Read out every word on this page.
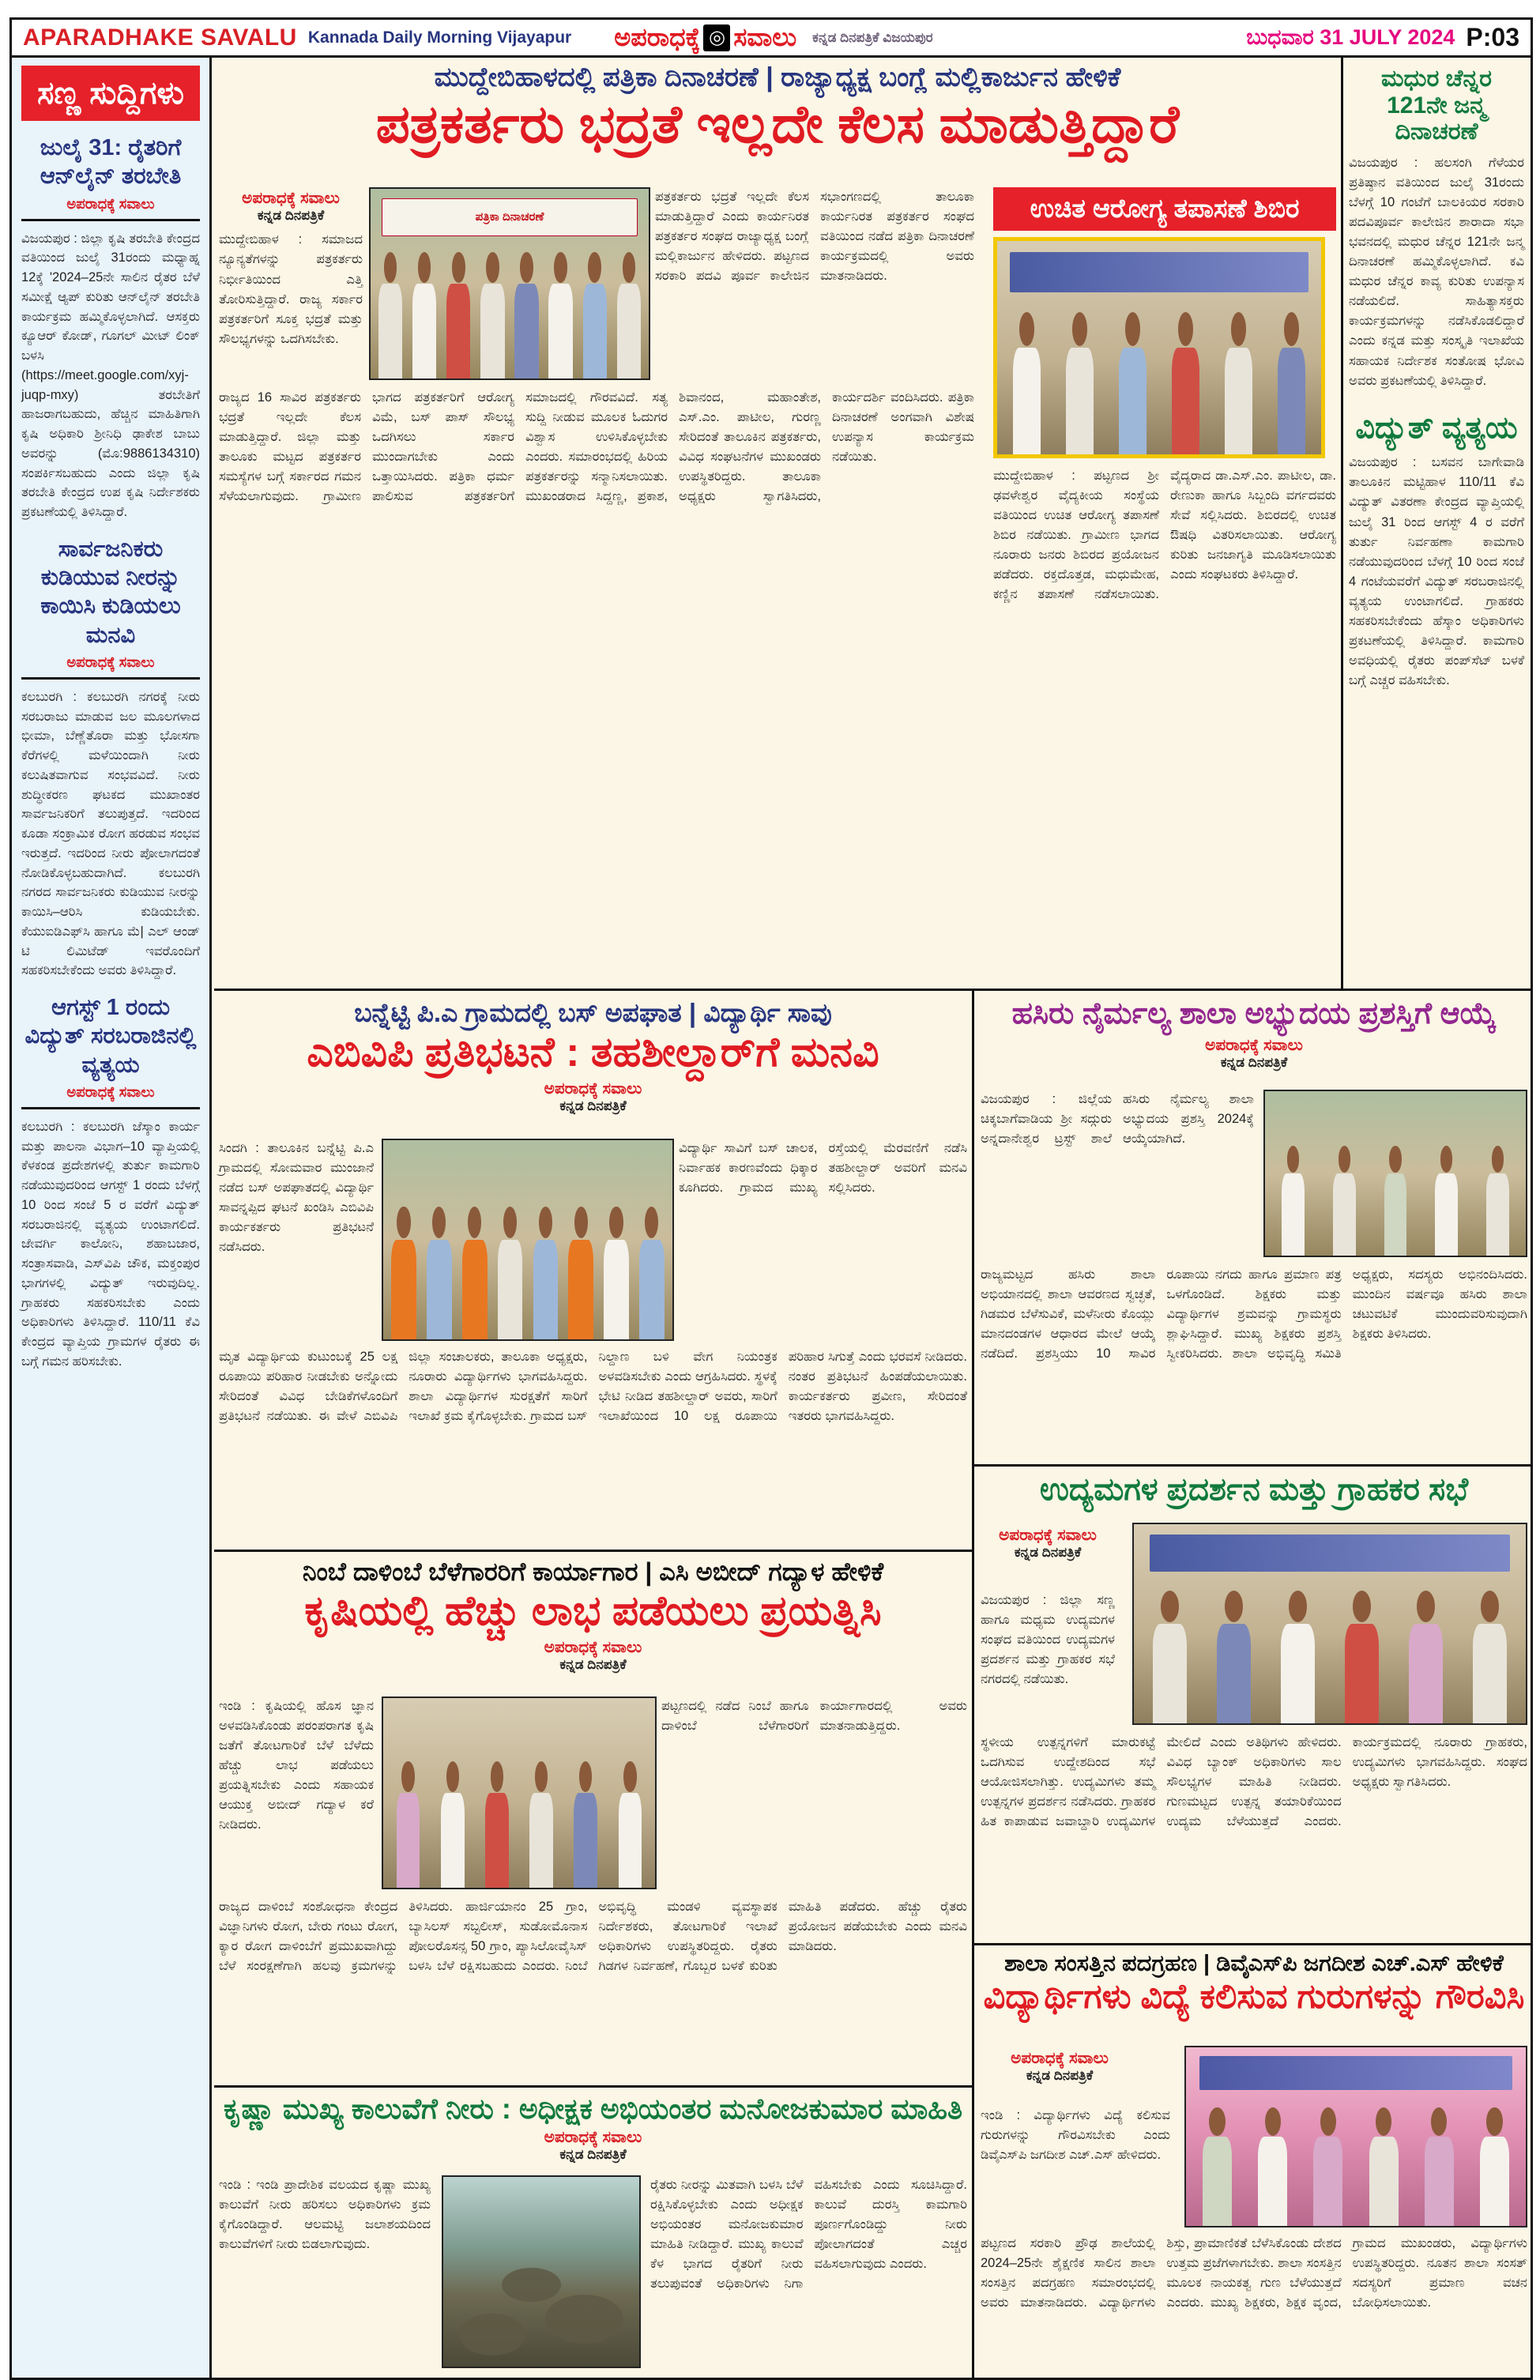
APARADHAKE SAVALU Kannada Daily Morning Vijayapur ಅಪರಾಧಕ್ಕೆ ◎ ಸವಾಲು ಕನ್ನಡ ದಿನಪತ್ರಿಕೆ ವಿಜಯಪುರ	ಬುಧವಾರ 31 JULY 2024 P:03
ಸಣ್ಣ ಸುದ್ದಿಗಳು
ಜುಲೈ 31: ರೈತರಿಗೆ ಆನ್‌ಲೈನ್ ತರಬೇತಿ
ಅಪರಾಧಕ್ಕೆ ಸವಾಲು
ವಿಜಯಪುರ : ಜಿಲ್ಲಾ ಕೃಷಿ ತರಬೇತಿ ಕೇಂದ್ರದ ವತಿಯಿಂದ ಜುಲೈ 31ರಂದು ಮಧ್ಯಾಹ್ನ 12ಕ್ಕೆ '2024–25ನೇ ಸಾಲಿನ ರೈತರ ಬೆಳೆ ಸಮೀಕ್ಷೆ ಆ್ಯಪ್ ಕುರಿತು ಆನ್‌ಲೈನ್ ತರಬೇತಿ ಕಾರ್ಯಕ್ರಮ ಹಮ್ಮಿಕೊಳ್ಳಲಾಗಿದೆ. ಆಸಕ್ತರು ಕ್ಯೂಆರ್ ಕೋಡ್, ಗೂಗಲ್ ಮೀಟ್ ಲಿಂಕ್ ಬಳಸಿ (https://meet.google.com/xyj-juqp-mxy) ತರಬೇತಿಗೆ ಹಾಜರಾಗಬಹುದು, ಹೆಚ್ಚಿನ ಮಾಹಿತಿಗಾಗಿ ಕೃಷಿ ಅಧಿಕಾರಿ ಶ್ರೀನಿಧಿ ಢಾಕೇಶ ಬಾಬು ಅವರನ್ನು (ಮೊ:9886134310) ಸಂಪರ್ಕಿಸಬಹುದು ಎಂದು ಜಿಲ್ಲಾ ಕೃಷಿ ತರಬೇತಿ ಕೇಂದ್ರದ ಉಪ ಕೃಷಿ ನಿರ್ದೇಶಕರು ಪ್ರಕಟಣೆಯಲ್ಲಿ ತಿಳಿಸಿದ್ದಾರೆ.
ಸಾರ್ವಜನಿಕರು ಕುಡಿಯುವ ನೀರನ್ನು ಕಾಯಿಸಿ ಕುಡಿಯಲು ಮನವಿ
ಅಪರಾಧಕ್ಕೆ ಸವಾಲು
ಕಲಬುರಗಿ : ಕಲಬುರಗಿ ನಗರಕ್ಕೆ ನೀರು ಸರಬರಾಜು ಮಾಡುವ ಜಲ ಮೂಲಗಳಾದ ಭೀಮಾ, ಬೆಣ್ಣೆತೊರಾ ಮತ್ತು ಭೋಸಗಾ ಕೆರೆಗಳಲ್ಲಿ ಮಳೆಯಿಂದಾಗಿ ನೀರು ಕಲುಷಿತವಾಗುವ ಸಂಭವವಿದೆ. ನೀರು ಶುದ್ಧೀಕರಣ ಘಟಕದ ಮುಖಾಂತರ ಸಾರ್ವಜನಿಕರಿಗೆ ತಲುಪುತ್ತದೆ. ಇದರಿಂದ ಕೂಡಾ ಸಂಕ್ರಾಮಿಕ ರೋಗ ಹರಡುವ ಸಂಭವ ಇರುತ್ತದೆ. ಇದರಿಂದ ನೀರು ಪೋಲಾಗದಂತೆ ನೋಡಿಕೊಳ್ಳಬಹುದಾಗಿದೆ. ಕಲಬುರಗಿ ನಗರದ ಸಾರ್ವಜನಿಕರು ಕುಡಿಯುವ ನೀರನ್ನು ಕಾಯಿಸಿ–ಆರಿಸಿ ಕುಡಿಯಬೇಕು. ಕೆಯುಐಡಿಎಫ್‌ಸಿ ಹಾಗೂ ಮೆ| ಎಲ್ ಆಂಡ್ ಟಿ ಲಿಮಿಟೆಡ್ ಇವರೊಂದಿಗೆ ಸಹಕರಿಸಬೇಕೆಂದು ಅವರು ತಿಳಿಸಿದ್ದಾರೆ.
ಆಗಸ್ಟ್ 1 ರಂದು ವಿದ್ಯುತ್ ಸರಬರಾಜಿನಲ್ಲಿ ವ್ಯತ್ಯಯ
ಅಪರಾಧಕ್ಕೆ ಸವಾಲು
ಕಲಬುರಗಿ : ಕಲಬುರಗಿ ಜೆಸ್ಕಾಂ ಕಾರ್ಯ ಮತ್ತು ಪಾಲನಾ ವಿಭಾಗ–10 ವ್ಯಾಪ್ತಿಯಲ್ಲಿ ಕೆಳಕಂಡ ಪ್ರದೇಶಗಳಲ್ಲಿ ತುರ್ತು ಕಾಮಗಾರಿ ನಡೆಯುವುದರಿಂದ ಆಗಸ್ಟ್ 1 ರಂದು ಬೆಳಗ್ಗೆ 10 ರಿಂದ ಸಂಜೆ 5 ರ ವರೆಗೆ ವಿದ್ಯುತ್ ಸರಬರಾಜಿನಲ್ಲಿ ವ್ಯತ್ಯಯ ಉಂಟಾಗಲಿದೆ. ಜೇವರ್ಗಿ ಕಾಲೋನಿ, ಶಹಾಬಜಾರ, ಸಂತ್ರಾಸವಾಡಿ, ಎಸ್‌ವಿಪಿ ಚೌಕ, ಮಕ್ತಂಪುರ ಭಾಗಗಳಲ್ಲಿ ವಿದ್ಯುತ್ ಇರುವುದಿಲ್ಲ. ಗ್ರಾಹಕರು ಸಹಕರಿಸಬೇಕು ಎಂದು ಅಧಿಕಾರಿಗಳು ತಿಳಿಸಿದ್ದಾರೆ. 110/11 ಕೆವಿ ಕೇಂದ್ರದ ವ್ಯಾಪ್ತಿಯ ಗ್ರಾಮಗಳ ರೈತರು ಈ ಬಗ್ಗೆ ಗಮನ ಹರಿಸಬೇಕು.
ಮುದ್ದೇಬಿಹಾಳದಲ್ಲಿ ಪತ್ರಿಕಾ ದಿನಾಚರಣೆ | ರಾಜ್ಯಾಧ್ಯಕ್ಷ ಬಂಗ್ಲೆ ಮಲ್ಲಿಕಾರ್ಜುನ ಹೇಳಿಕೆ
ಪತ್ರಕರ್ತರು ಭದ್ರತೆ ಇಲ್ಲದೇ ಕೆಲಸ ಮಾಡುತ್ತಿದ್ದಾರೆ
ಅಪರಾಧಕ್ಕೆ ಸವಾಲು
ಕನ್ನಡ ದಿನಪತ್ರಿಕೆ
ಮುದ್ದೇಬಿಹಾಳ : ಸಮಾಜದ ನ್ಯೂನ್ಯತೆಗಳನ್ನು ಪತ್ರಕರ್ತರು ನಿರ್ಭೀತಿಯಿಂದ ಎತ್ತಿ ತೋರಿಸುತ್ತಿದ್ದಾರೆ. ರಾಜ್ಯ ಸರ್ಕಾರ ಪತ್ರಕರ್ತರಿಗೆ ಸೂಕ್ತ ಭದ್ರತೆ ಮತ್ತು ಸೌಲಭ್ಯಗಳನ್ನು ಒದಗಿಸಬೇಕು.
ಪತ್ರಿಕಾ ದಿನಾಚರಣೆ
ಪತ್ರಕರ್ತರು ಭದ್ರತೆ ಇಲ್ಲದೇ ಕೆಲಸ ಮಾಡುತ್ತಿದ್ದಾರೆ ಎಂದು ಕಾರ್ಯನಿರತ ಪತ್ರಕರ್ತರ ಸಂಘದ ರಾಜ್ಯಾಧ್ಯಕ್ಷ ಬಂಗ್ಲೆ ಮಲ್ಲಿಕಾರ್ಜುನ ಹೇಳಿದರು. ಪಟ್ಟಣದ ಸರಕಾರಿ ಪದವಿ ಪೂರ್ವ ಕಾಲೇಜಿನ ಸಭಾಂಗಣದಲ್ಲಿ ತಾಲೂಕಾ ಕಾರ್ಯನಿರತ ಪತ್ರಕರ್ತರ ಸಂಘದ ವತಿಯಿಂದ ನಡೆದ ಪತ್ರಿಕಾ ದಿನಾಚರಣೆ ಕಾರ್ಯಕ್ರಮದಲ್ಲಿ ಅವರು ಮಾತನಾಡಿದರು.
ರಾಜ್ಯದ 16 ಸಾವಿರ ಪತ್ರಕರ್ತರು ಭದ್ರತೆ ಇಲ್ಲದೇ ಕೆಲಸ ಮಾಡುತ್ತಿದ್ದಾರೆ. ಜಿಲ್ಲಾ ಮತ್ತು ತಾಲೂಕು ಮಟ್ಟದ ಪತ್ರಕರ್ತರ ಸಮಸ್ಯೆಗಳ ಬಗ್ಗೆ ಸರ್ಕಾರದ ಗಮನ ಸೆಳೆಯಲಾಗುವುದು. ಗ್ರಾಮೀಣ ಭಾಗದ ಪತ್ರಕರ್ತರಿಗೆ ಆರೋಗ್ಯ ವಿಮೆ, ಬಸ್ ಪಾಸ್ ಸೌಲಭ್ಯ ಒದಗಿಸಲು ಸರ್ಕಾರ ಮುಂದಾಗಬೇಕು ಎಂದು ಒತ್ತಾಯಿಸಿದರು. ಪತ್ರಿಕಾ ಧರ್ಮ ಪಾಲಿಸುವ ಪತ್ರಕರ್ತರಿಗೆ ಸಮಾಜದಲ್ಲಿ ಗೌರವವಿದೆ. ಸತ್ಯ ಸುದ್ದಿ ನೀಡುವ ಮೂಲಕ ಓದುಗರ ವಿಶ್ವಾಸ ಉಳಿಸಿಕೊಳ್ಳಬೇಕು ಎಂದರು. ಸಮಾರಂಭದಲ್ಲಿ ಹಿರಿಯ ಪತ್ರಕರ್ತರನ್ನು ಸನ್ಮಾನಿಸಲಾಯಿತು. ಮುಖಂಡರಾದ ಸಿದ್ದಣ್ಣ, ಪ್ರಕಾಶ, ಶಿವಾನಂದ, ಮಹಾಂತೇಶ, ಎಸ್.ಎಂ. ಪಾಟೀಲ, ಗುರಣ್ಣ ಸೇರಿದಂತೆ ತಾಲೂಕಿನ ಪತ್ರಕರ್ತರು, ವಿವಿಧ ಸಂಘಟನೆಗಳ ಮುಖಂಡರು ಉಪಸ್ಥಿತರಿದ್ದರು. ತಾಲೂಕಾ ಅಧ್ಯಕ್ಷರು ಸ್ವಾಗತಿಸಿದರು, ಕಾರ್ಯದರ್ಶಿ ವಂದಿಸಿದರು. ಪತ್ರಿಕಾ ದಿನಾಚರಣೆ ಅಂಗವಾಗಿ ವಿಶೇಷ ಉಪನ್ಯಾಸ ಕಾರ್ಯಕ್ರಮ ನಡೆಯಿತು.
ಉಚಿತ ಆರೋಗ್ಯ ತಪಾಸಣೆ ಶಿಬಿರ
ಮುದ್ದೇಬಿಹಾಳ : ಪಟ್ಟಣದ ಶ್ರೀ ಢವಳೇಶ್ವರ ವೈದ್ಯಕೀಯ ಸಂಸ್ಥೆಯ ವತಿಯಿಂದ ಉಚಿತ ಆರೋಗ್ಯ ತಪಾಸಣೆ ಶಿಬಿರ ನಡೆಯಿತು. ಗ್ರಾಮೀಣ ಭಾಗದ ನೂರಾರು ಜನರು ಶಿಬಿರದ ಪ್ರಯೋಜನ ಪಡೆದರು. ರಕ್ತದೊತ್ತಡ, ಮಧುಮೇಹ, ಕಣ್ಣಿನ ತಪಾಸಣೆ ನಡೆಸಲಾಯಿತು. ವೈದ್ಯರಾದ ಡಾ.ಎಸ್.ಎಂ. ಪಾಟೀಲ, ಡಾ. ರೇಣುಕಾ ಹಾಗೂ ಸಿಬ್ಬಂದಿ ವರ್ಗದವರು ಸೇವೆ ಸಲ್ಲಿಸಿದರು. ಶಿಬಿರದಲ್ಲಿ ಉಚಿತ ಔಷಧಿ ವಿತರಿಸಲಾಯಿತು. ಆರೋಗ್ಯ ಕುರಿತು ಜನಜಾಗೃತಿ ಮೂಡಿಸಲಾಯಿತು ಎಂದು ಸಂಘಟಕರು ತಿಳಿಸಿದ್ದಾರೆ.
ಮಧುರ ಚೆನ್ನರ 121ನೇ ಜನ್ಮ ದಿನಾಚರಣೆ
ವಿಜಯಪುರ : ಹಲಸಂಗಿ ಗೆಳೆಯರ ಪ್ರತಿಷ್ಠಾನ ವತಿಯಿಂದ ಜುಲೈ 31ರಂದು ಬೆಳಗ್ಗೆ 10 ಗಂಟೆಗೆ ಬಾಲಕಿಯರ ಸರಕಾರಿ ಪದವಿಪೂರ್ವ ಕಾಲೇಜಿನ ಶಾರಾದಾ ಸಭಾ ಭವನದಲ್ಲಿ ಮಧುರ ಚೆನ್ನರ 121ನೇ ಜನ್ಮ ದಿನಾಚರಣೆ ಹಮ್ಮಿಕೊಳ್ಳಲಾಗಿದೆ. ಕವಿ ಮಧುರ ಚೆನ್ನರ ಕಾವ್ಯ ಕುರಿತು ಉಪನ್ಯಾಸ ನಡೆಯಲಿದೆ. ಸಾಹಿತ್ಯಾಸಕ್ತರು ಕಾರ್ಯಕ್ರಮಗಳನ್ನು ನಡೆಸಿಕೊಡಲಿದ್ದಾರೆ ಎಂದು ಕನ್ನಡ ಮತ್ತು ಸಂಸ್ಕೃತಿ ಇಲಾಖೆಯ ಸಹಾಯಕ ನಿರ್ದೇಶಕ ಸಂತೋಷ ಭೋವಿ ಅವರು ಪ್ರಕಟಣೆಯಲ್ಲಿ ತಿಳಿಸಿದ್ದಾರೆ.
ವಿದ್ಯುತ್ ವ್ಯತ್ಯಯ
ವಿಜಯಪುರ : ಬಸವನ ಬಾಗೇವಾಡಿ ತಾಲೂಕಿನ ಮಟ್ಟಿಹಾಳ 110/11 ಕೆವಿ ವಿದ್ಯುತ್ ವಿತರಣಾ ಕೇಂದ್ರದ ವ್ಯಾಪ್ತಿಯಲ್ಲಿ ಜುಲೈ 31 ರಿಂದ ಆಗಸ್ಟ್ 4 ರ ವರೆಗೆ ತುರ್ತು ನಿರ್ವಹಣಾ ಕಾಮಗಾರಿ ನಡೆಯುವುದರಿಂದ ಬೆಳಗ್ಗೆ 10 ರಿಂದ ಸಂಜೆ 4 ಗಂಟೆಯವರೆಗೆ ವಿದ್ಯುತ್ ಸರಬರಾಜಿನಲ್ಲಿ ವ್ಯತ್ಯಯ ಉಂಟಾಗಲಿದೆ. ಗ್ರಾಹಕರು ಸಹಕರಿಸಬೇಕೆಂದು ಹೆಸ್ಕಾಂ ಅಧಿಕಾರಿಗಳು ಪ್ರಕಟಣೆಯಲ್ಲಿ ತಿಳಿಸಿದ್ದಾರೆ. ಕಾಮಗಾರಿ ಅವಧಿಯಲ್ಲಿ ರೈತರು ಪಂಪ್‌ಸೆಟ್ ಬಳಕೆ ಬಗ್ಗೆ ಎಚ್ಚರ ವಹಿಸಬೇಕು.
ಬನ್ನೆಟ್ಟಿ ಪಿ.ಎ ಗ್ರಾಮದಲ್ಲಿ ಬಸ್ ಅಪಘಾತ | ವಿದ್ಯಾರ್ಥಿ ಸಾವು
ಎಬಿವಿಪಿ ಪ್ರತಿಭಟನೆ : ತಹಶೀಲ್ದಾರ್‌ಗೆ ಮನವಿ
ಅಪರಾಧಕ್ಕೆ ಸವಾಲು
ಕನ್ನಡ ದಿನಪತ್ರಿಕೆ
ಸಿಂದಗಿ : ತಾಲೂಕಿನ ಬನ್ನೆಟ್ಟಿ ಪಿ.ಎ ಗ್ರಾಮದಲ್ಲಿ ಸೋಮವಾರ ಮುಂಜಾನೆ ನಡೆದ ಬಸ್ ಅಪಘಾತದಲ್ಲಿ ವಿದ್ಯಾರ್ಥಿ ಸಾವನ್ನಪ್ಪಿದ ಘಟನೆ ಖಂಡಿಸಿ ಎಬಿವಿಪಿ ಕಾರ್ಯಕರ್ತರು ಪ್ರತಿಭಟನೆ ನಡೆಸಿದರು.
ವಿದ್ಯಾರ್ಥಿ ಸಾವಿಗೆ ಬಸ್ ಚಾಲಕ, ನಿರ್ವಾಹಕ ಕಾರಣವೆಂದು ಧಿಕ್ಕಾರ ಕೂಗಿದರು. ಗ್ರಾಮದ ಮುಖ್ಯ ರಸ್ತೆಯಲ್ಲಿ ಮೆರವಣಿಗೆ ನಡೆಸಿ ತಹಶೀಲ್ದಾರ್ ಅವರಿಗೆ ಮನವಿ ಸಲ್ಲಿಸಿದರು.
ಮೃತ ವಿದ್ಯಾರ್ಥಿಯ ಕುಟುಂಬಕ್ಕೆ 25 ಲಕ್ಷ ರೂಪಾಯಿ ಪರಿಹಾರ ನೀಡಬೇಕು ಅನ್ನೋದು ಸೇರಿದಂತೆ ವಿವಿಧ ಬೇಡಿಕೆಗಳೊಂದಿಗೆ ಪ್ರತಿಭಟನೆ ನಡೆಯಿತು. ಈ ವೇಳೆ ಎಬಿವಿಪಿ ಜಿಲ್ಲಾ ಸಂಚಾಲಕರು, ತಾಲೂಕಾ ಅಧ್ಯಕ್ಷರು, ನೂರಾರು ವಿದ್ಯಾರ್ಥಿಗಳು ಭಾಗವಹಿಸಿದ್ದರು. ಶಾಲಾ ವಿದ್ಯಾರ್ಥಿಗಳ ಸುರಕ್ಷತೆಗೆ ಸಾರಿಗೆ ಇಲಾಖೆ ಕ್ರಮ ಕೈಗೊಳ್ಳಬೇಕು. ಗ್ರಾಮದ ಬಸ್ ನಿಲ್ದಾಣ ಬಳಿ ವೇಗ ನಿಯಂತ್ರಕ ಅಳವಡಿಸಬೇಕು ಎಂದು ಆಗ್ರಹಿಸಿದರು. ಸ್ಥಳಕ್ಕೆ ಭೇಟಿ ನೀಡಿದ ತಹಶೀಲ್ದಾರ್ ಅವರು, ಸಾರಿಗೆ ಇಲಾಖೆಯಿಂದ 10 ಲಕ್ಷ ರೂಪಾಯಿ ಪರಿಹಾರ ಸಿಗುತ್ತೆ ಎಂದು ಭರವಸೆ ನೀಡಿದರು. ನಂತರ ಪ್ರತಿಭಟನೆ ಹಿಂಪಡೆಯಲಾಯಿತು. ಕಾರ್ಯಕರ್ತರು ಪ್ರವೀಣ, ಸೇರಿದಂತೆ ಇತರರು ಭಾಗವಹಿಸಿದ್ದರು.
ನಿಂಬೆ ದಾಳಿಂಬೆ ಬೆಳೆಗಾರರಿಗೆ ಕಾರ್ಯಾಗಾರ | ಎಸಿ ಅಬೀದ್ ಗದ್ಯಾಳ ಹೇಳಿಕೆ
ಕೃಷಿಯಲ್ಲಿ ಹೆಚ್ಚು ಲಾಭ ಪಡೆಯಲು ಪ್ರಯತ್ನಿಸಿ
ಅಪರಾಧಕ್ಕೆ ಸವಾಲು
ಕನ್ನಡ ದಿನಪತ್ರಿಕೆ
ಇಂಡಿ : ಕೃಷಿಯಲ್ಲಿ ಹೊಸ ಜ್ಞಾನ ಅಳವಡಿಸಿಕೊಂಡು ಪರಂಪರಾಗತ ಕೃಷಿ ಜತೆಗೆ ತೋಟಗಾರಿಕೆ ಬೆಳೆ ಬೆಳೆದು ಹೆಚ್ಚು ಲಾಭ ಪಡೆಯಲು ಪ್ರಯತ್ನಿಸಬೇಕು ಎಂದು ಸಹಾಯಕ ಆಯುಕ್ತ ಅಬೀದ್ ಗದ್ಯಾಳ ಕರೆ ನೀಡಿದರು.
ಪಟ್ಟಣದಲ್ಲಿ ನಡೆದ ನಿಂಬೆ ಹಾಗೂ ದಾಳಿಂಬೆ ಬೆಳೆಗಾರರಿಗೆ ಕಾರ್ಯಾಗಾರದಲ್ಲಿ ಅವರು ಮಾತನಾಡುತ್ತಿದ್ದರು.
ರಾಜ್ಯದ ದಾಳಿಂಬೆ ಸಂಶೋಧನಾ ಕೇಂದ್ರದ ವಿಜ್ಞಾನಿಗಳು ರೋಗ, ಬೇರು ಗಂಟು ರೋಗ, ಕ್ಯಾರ ರೋಗ ದಾಳಿಂಬೆಗೆ ಪ್ರಮುಖವಾಗಿದ್ದು ಬೆಳೆ ಸಂರಕ್ಷಣೆಗಾಗಿ ಹಲವು ಕ್ರಮಗಳನ್ನು ತಿಳಿಸಿದರು. ಹಾರ್ಜಿಯಾನಂ 25 ಗ್ರಾಂ, ಬ್ಯಾಸಿಲಸ್ ಸಬ್ಟಲೀಸ್, ಸುಡೋಮೊನಾಸ ಪೋಲರೊಸನ್ಸ 50 ಗ್ರಾಂ, ಪ್ಯಾಸಿಲೋವೈಸಿಸ್ ಬಳಸಿ ಬೆಳೆ ರಕ್ಷಿಸಬಹುದು ಎಂದರು. ನಿಂಬೆ ಅಭಿವೃದ್ಧಿ ಮಂಡಳಿ ವ್ಯವಸ್ಥಾಪಕ ನಿರ್ದೇಶಕರು, ತೋಟಗಾರಿಕೆ ಇಲಾಖೆ ಅಧಿಕಾರಿಗಳು ಉಪಸ್ಥಿತರಿದ್ದರು. ರೈತರು ಗಿಡಗಳ ನಿರ್ವಹಣೆ, ಗೊಬ್ಬರ ಬಳಕೆ ಕುರಿತು ಮಾಹಿತಿ ಪಡೆದರು. ಹೆಚ್ಚು ರೈತರು ಪ್ರಯೋಜನ ಪಡೆಯಬೇಕು ಎಂದು ಮನವಿ ಮಾಡಿದರು.
ಕೃಷ್ಣಾ ಮುಖ್ಯ ಕಾಲುವೆಗೆ ನೀರು : ಅಧೀಕ್ಷಕ ಅಭಿಯಂತರ ಮನೋಜಕುಮಾರ ಮಾಹಿತಿ
ಅಪರಾಧಕ್ಕೆ ಸವಾಲು
ಕನ್ನಡ ದಿನಪತ್ರಿಕೆ
ಇಂಡಿ : ಇಂಡಿ ಪ್ರಾದೇಶಿಕ ವಲಯದ ಕೃಷ್ಣಾ ಮುಖ್ಯ ಕಾಲುವೆಗೆ ನೀರು ಹರಿಸಲು ಅಧಿಕಾರಿಗಳು ಕ್ರಮ ಕೈಗೊಂಡಿದ್ದಾರೆ. ಆಲಮಟ್ಟಿ ಜಲಾಶಯದಿಂದ ಕಾಲುವೆಗಳಿಗೆ ನೀರು ಬಿಡಲಾಗುವುದು.
ರೈತರು ನೀರನ್ನು ಮಿತವಾಗಿ ಬಳಸಿ ಬೆಳೆ ರಕ್ಷಿಸಿಕೊಳ್ಳಬೇಕು ಎಂದು ಅಧೀಕ್ಷಕ ಅಭಿಯಂತರ ಮನೋಜಕುಮಾರ ಮಾಹಿತಿ ನೀಡಿದ್ದಾರೆ. ಮುಖ್ಯ ಕಾಲುವೆ ಕೆಳ ಭಾಗದ ರೈತರಿಗೆ ನೀರು ತಲುಪುವಂತೆ ಅಧಿಕಾರಿಗಳು ನಿಗಾ ವಹಿಸಬೇಕು ಎಂದು ಸೂಚಿಸಿದ್ದಾರೆ. ಕಾಲುವೆ ದುರಸ್ತಿ ಕಾಮಗಾರಿ ಪೂರ್ಣಗೊಂಡಿದ್ದು ನೀರು ಪೋಲಾಗದಂತೆ ಎಚ್ಚರ ವಹಿಸಲಾಗುವುದು ಎಂದರು.
ಹಸಿರು ನೈರ್ಮಲ್ಯ ಶಾಲಾ ಅಭ್ಯುದಯ ಪ್ರಶಸ್ತಿಗೆ ಆಯ್ಕೆ
ಅಪರಾಧಕ್ಕೆ ಸವಾಲು
ಕನ್ನಡ ದಿನಪತ್ರಿಕೆ
ವಿಜಯಪುರ : ಜಿಲ್ಲೆಯ ಚಿಕ್ಕಬಾಗೆವಾಡಿಯ ಶ್ರೀ ಸದ್ಗುರು ಅನ್ನದಾನೇಶ್ವರ ಟ್ರಸ್ಟ್ ಶಾಲೆ ಹಸಿರು ನೈರ್ಮಲ್ಯ ಶಾಲಾ ಅಭ್ಯುದಯ ಪ್ರಶಸ್ತಿ 2024ಕ್ಕೆ ಆಯ್ಕೆಯಾಗಿದೆ.
ರಾಜ್ಯಮಟ್ಟದ ಹಸಿರು ಶಾಲಾ ಅಭಿಯಾನದಲ್ಲಿ ಶಾಲಾ ಆವರಣದ ಸ್ವಚ್ಛತೆ, ಗಿಡಮರ ಬೆಳೆಸುವಿಕೆ, ಮಳೆನೀರು ಕೊಯ್ಲು ಮಾನದಂಡಗಳ ಆಧಾರದ ಮೇಲೆ ಆಯ್ಕೆ ನಡೆದಿದೆ. ಪ್ರಶಸ್ತಿಯು 10 ಸಾವಿರ ರೂಪಾಯಿ ನಗದು ಹಾಗೂ ಪ್ರಮಾಣ ಪತ್ರ ಒಳಗೊಂಡಿದೆ. ಶಿಕ್ಷಕರು ಮತ್ತು ವಿದ್ಯಾರ್ಥಿಗಳ ಶ್ರಮವನ್ನು ಗ್ರಾಮಸ್ಥರು ಶ್ಲಾಘಿಸಿದ್ದಾರೆ. ಮುಖ್ಯ ಶಿಕ್ಷಕರು ಪ್ರಶಸ್ತಿ ಸ್ವೀಕರಿಸಿದರು. ಶಾಲಾ ಅಭಿವೃದ್ಧಿ ಸಮಿತಿ ಅಧ್ಯಕ್ಷರು, ಸದಸ್ಯರು ಅಭಿನಂದಿಸಿದರು. ಮುಂದಿನ ವರ್ಷವೂ ಹಸಿರು ಶಾಲಾ ಚಟುವಟಿಕೆ ಮುಂದುವರಿಸುವುದಾಗಿ ಶಿಕ್ಷಕರು ತಿಳಿಸಿದರು.
ಉದ್ಯಮಗಳ ಪ್ರದರ್ಶನ ಮತ್ತು ಗ್ರಾಹಕರ ಸಭೆ
ಅಪರಾಧಕ್ಕೆ ಸವಾಲು
ಕನ್ನಡ ದಿನಪತ್ರಿಕೆ
ವಿಜಯಪುರ : ಜಿಲ್ಲಾ ಸಣ್ಣ ಹಾಗೂ ಮಧ್ಯಮ ಉದ್ಯಮಗಳ ಸಂಘದ ವತಿಯಿಂದ ಉದ್ಯಮಗಳ ಪ್ರದರ್ಶನ ಮತ್ತು ಗ್ರಾಹಕರ ಸಭೆ ನಗರದಲ್ಲಿ ನಡೆಯಿತು.
ಸ್ಥಳೀಯ ಉತ್ಪನ್ನಗಳಿಗೆ ಮಾರುಕಟ್ಟೆ ಒದಗಿಸುವ ಉದ್ದೇಶದಿಂದ ಸಭೆ ಆಯೋಜಿಸಲಾಗಿತ್ತು. ಉದ್ಯಮಿಗಳು ತಮ್ಮ ಉತ್ಪನ್ನಗಳ ಪ್ರದರ್ಶನ ನಡೆಸಿದರು. ಗ್ರಾಹಕರ ಹಿತ ಕಾಪಾಡುವ ಜವಾಬ್ದಾರಿ ಉದ್ಯಮಿಗಳ ಮೇಲಿದೆ ಎಂದು ಅತಿಥಿಗಳು ಹೇಳಿದರು. ವಿವಿಧ ಬ್ಯಾಂಕ್ ಅಧಿಕಾರಿಗಳು ಸಾಲ ಸೌಲಭ್ಯಗಳ ಮಾಹಿತಿ ನೀಡಿದರು. ಗುಣಮಟ್ಟದ ಉತ್ಪನ್ನ ತಯಾರಿಕೆಯಿಂದ ಉದ್ಯಮ ಬೆಳೆಯುತ್ತದೆ ಎಂದರು. ಕಾರ್ಯಕ್ರಮದಲ್ಲಿ ನೂರಾರು ಗ್ರಾಹಕರು, ಉದ್ಯಮಿಗಳು ಭಾಗವಹಿಸಿದ್ದರು. ಸಂಘದ ಅಧ್ಯಕ್ಷರು ಸ್ವಾಗತಿಸಿದರು.
ಶಾಲಾ ಸಂಸತ್ತಿನ ಪದಗ್ರಹಣ | ಡಿವೈಎಸ್‌ಪಿ ಜಗದೀಶ ಎಚ್.ಎಸ್ ಹೇಳಿಕೆ
ವಿದ್ಯಾರ್ಥಿಗಳು ವಿದ್ಯೆ ಕಲಿಸುವ ಗುರುಗಳನ್ನು ಗೌರವಿಸಿ
ಅಪರಾಧಕ್ಕೆ ಸವಾಲು
ಕನ್ನಡ ದಿನಪತ್ರಿಕೆ
ಇಂಡಿ : ವಿದ್ಯಾರ್ಥಿಗಳು ವಿದ್ಯೆ ಕಲಿಸುವ ಗುರುಗಳನ್ನು ಗೌರವಿಸಬೇಕು ಎಂದು ಡಿವೈಎಸ್‌ಪಿ ಜಗದೀಶ ಎಚ್.ಎಸ್ ಹೇಳಿದರು.
ಪಟ್ಟಣದ ಸರಕಾರಿ ಪ್ರೌಢ ಶಾಲೆಯಲ್ಲಿ 2024–25ನೇ ಶೈಕ್ಷಣಿಕ ಸಾಲಿನ ಶಾಲಾ ಸಂಸತ್ತಿನ ಪದಗ್ರಹಣ ಸಮಾರಂಭದಲ್ಲಿ ಅವರು ಮಾತನಾಡಿದರು. ವಿದ್ಯಾರ್ಥಿಗಳು ಶಿಸ್ತು, ಪ್ರಾಮಾಣಿಕತೆ ಬೆಳೆಸಿಕೊಂಡು ದೇಶದ ಉತ್ತಮ ಪ್ರಜೆಗಳಾಗಬೇಕು. ಶಾಲಾ ಸಂಸತ್ತಿನ ಮೂಲಕ ನಾಯಕತ್ವ ಗುಣ ಬೆಳೆಯುತ್ತದೆ ಎಂದರು. ಮುಖ್ಯ ಶಿಕ್ಷಕರು, ಶಿಕ್ಷಕ ವೃಂದ, ಗ್ರಾಮದ ಮುಖಂಡರು, ವಿದ್ಯಾರ್ಥಿಗಳು ಉಪಸ್ಥಿತರಿದ್ದರು. ನೂತನ ಶಾಲಾ ಸಂಸತ್ ಸದಸ್ಯರಿಗೆ ಪ್ರಮಾಣ ವಚನ ಬೋಧಿಸಲಾಯಿತು.
